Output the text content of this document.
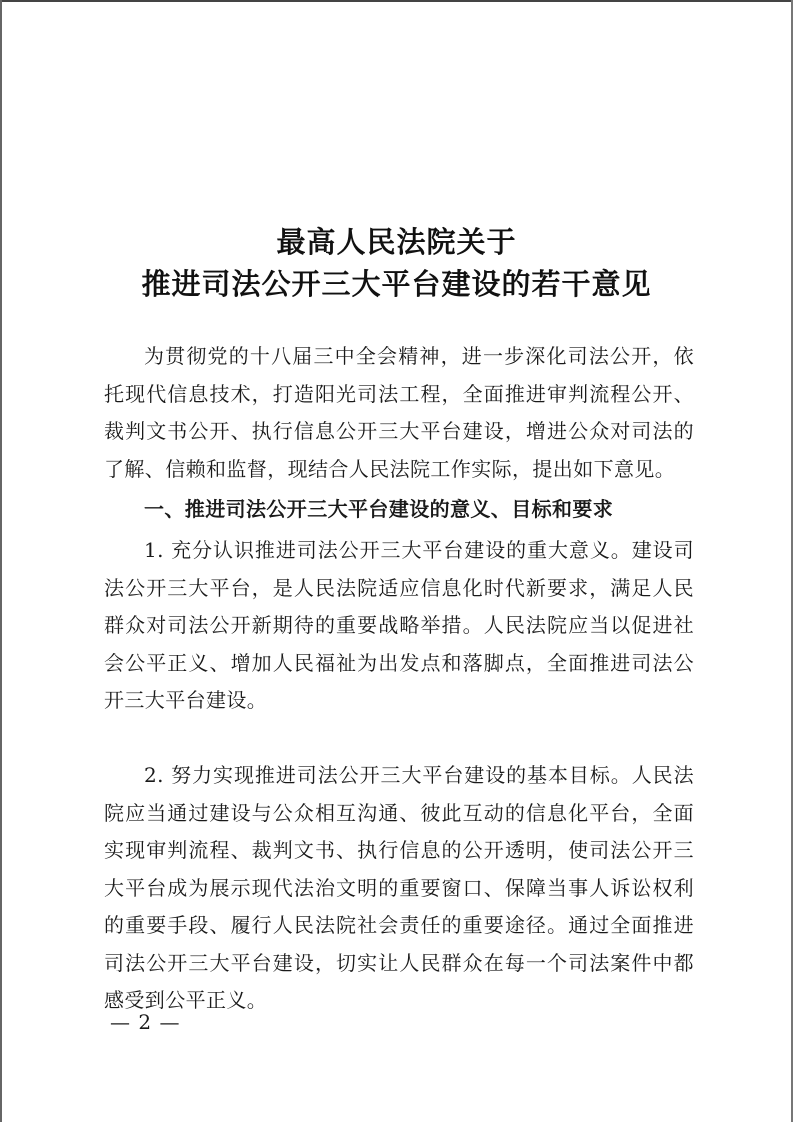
最高人民法院关于
推进司法公开三大平台建设的若干意见
为贯彻党的十八届三中全会精神，进一步深化司法公开，依托现代信息技术，打造阳光司法工程，全面推进审判流程公开、裁判文书公开、执行信息公开三大平台建设，增进公众对司法的了解、信赖和监督，现结合人民法院工作实际，提出如下意见。
一、推进司法公开三大平台建设的意义、目标和要求
1. 充分认识推进司法公开三大平台建设的重大意义。建设司法公开三大平台，是人民法院适应信息化时代新要求，满足人民群众对司法公开新期待的重要战略举措。人民法院应当以促进社会公平正义、增加人民福祉为出发点和落脚点，全面推进司法公开三大平台建设。
2. 努力实现推进司法公开三大平台建设的基本目标。人民法院应当通过建设与公众相互沟通、彼此互动的信息化平台，全面实现审判流程、裁判文书、执行信息的公开透明，使司法公开三大平台成为展示现代法治文明的重要窗口、保障当事人诉讼权利的重要手段、履行人民法院社会责任的重要途径。通过全面推进司法公开三大平台建设，切实让人民群众在每一个司法案件中都感受到公平正义。
— 2 —
